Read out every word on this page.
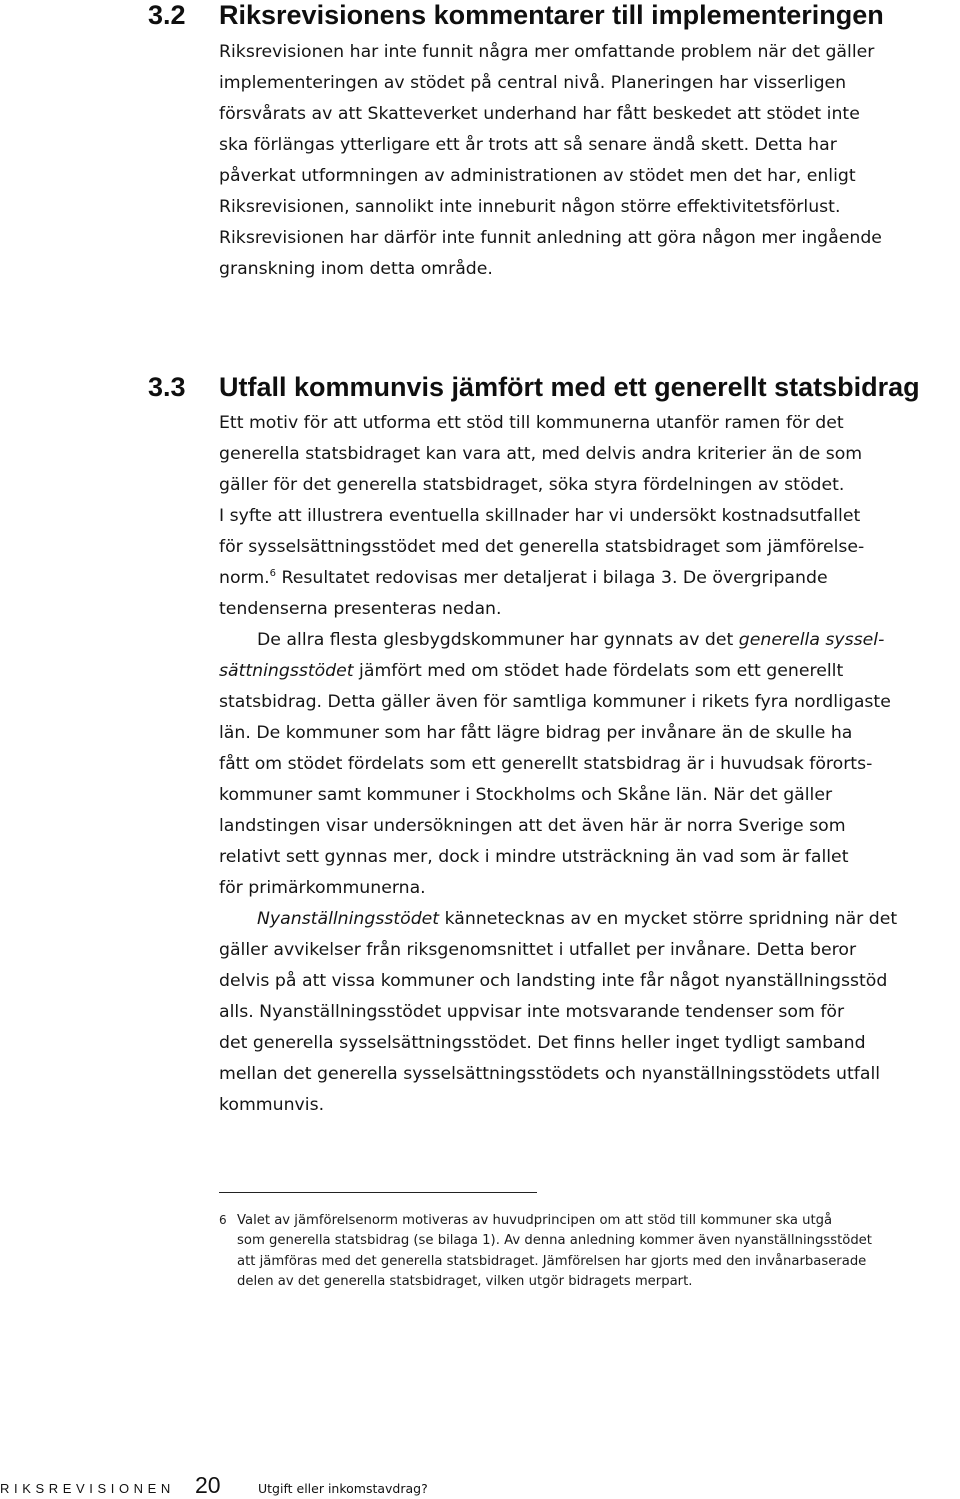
3.2 Riksrevisionens kommentarer till implementeringen
Riksrevisionen har inte funnit några mer omfattande problem när det gäller
implementeringen av stödet på central nivå. Planeringen har visserligen
försvårats av att Skatteverket underhand har fått beskedet att stödet inte
ska förlängas ytterligare ett år trots att så senare ändå skett. Detta har
påverkat utformningen av administrationen av stödet men det har, enligt
Riksrevisionen, sannolikt inte inneburit någon större effektivitetsförlust.
Riksrevisionen har därför inte funnit anledning att göra någon mer ingående
granskning inom detta område.
3.3 Utfall kommunvis jämfört med ett generellt statsbidrag
Ett motiv för att utforma ett stöd till kommunerna utanför ramen för det
generella statsbidraget kan vara att, med delvis andra kriterier än de som
gäller för det generella statsbidraget, söka styra fördelningen av stödet.
I syfte att illustrera eventuella skillnader har vi undersökt kostnadsutfallet
för sysselsättningsstödet med det generella statsbidraget som jämförelse-
norm.$^6$ Resultatet redovisas mer detaljerat i bilaga 3. De övergripande
tendenserna presenteras nedan.
De allra flesta glesbygdskommuner har gynnats av det generella syssel-
sättningsstödet jämfört med om stödet hade fördelats som ett generellt
statsbidrag. Detta gäller även för samtliga kommuner i rikets fyra nordligaste
län. De kommuner som har fått lägre bidrag per invånare än de skulle ha
fått om stödet fördelats som ett generellt statsbidrag är i huvudsak förorts-
kommuner samt kommuner i Stockholms och Skåne län. När det gäller
landstingen visar undersökningen att det även här är norra Sverige som
relativt sett gynnas mer, dock i mindre utsträckning än vad som är fallet
för primärkommunerna.
Nyanställningsstödet kännetecknas av en mycket större spridning när det
gäller avvikelser från riksgenomsnittet i utfallet per invånare. Detta beror
delvis på att vissa kommuner och landsting inte får något nyanställningsstöd
alls. Nyanställningsstödet uppvisar inte motsvarande tendenser som för
det generella sysselsättningsstödet. Det finns heller inget tydligt samband
mellan det generella sysselsättningsstödets och nyanställningsstödets utfall
kommunvis.
6 Valet av jämförelsenorm motiveras av huvudprincipen om att stöd till kommuner ska utgå
som generella statsbidrag (se bilaga 1). Av denna anledning kommer även nyanställningsstödet
att jämföras med det generella statsbidraget. Jämförelsen har gjorts med den invånarbaserade
delen av det generella statsbidraget, vilken utgör bidragets merpart.
RIKSREVISIONEN 20	Utgift eller inkomstavdrag?
